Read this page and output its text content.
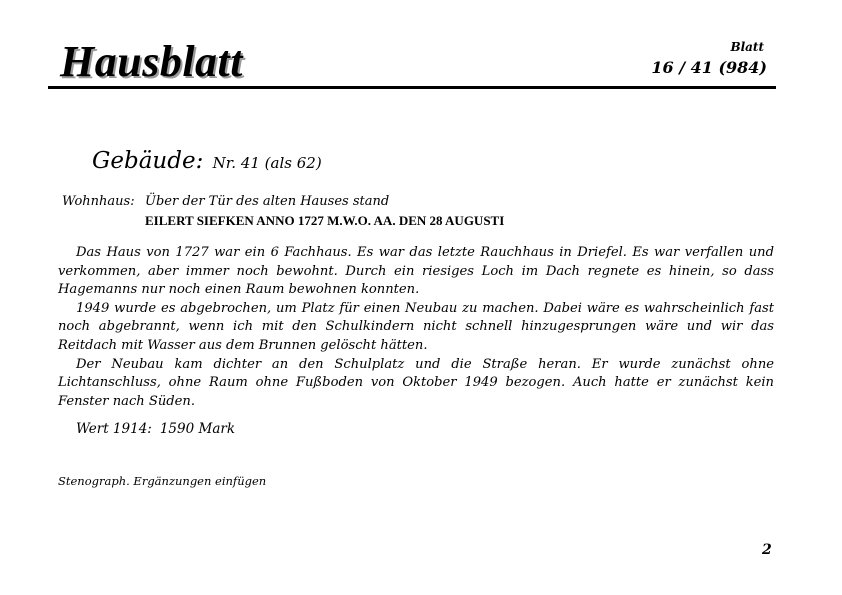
Hausblatt	Blatt
16 / 41 (984)
Gebäude: Nr. 41 (als 62)
Wohnhaus: Über der Tür des alten Hauses stand
EILERT SIEFKEN ANNO 1727 M.W.O. AA. DEN 28 AUGUSTI

Das Haus von 1727 war ein 6 Fachhaus. Es war das letzte Rauchhaus in Driefel. Es war verfallen und verkommen, aber immer noch bewohnt. Durch ein riesiges Loch im Dach regnete es hinein, so dass Hagemanns nur noch einen Raum bewohnen konnten.

1949 wurde es abgebrochen, um Platz für einen Neubau zu machen. Dabei wäre es wahrscheinlich fast noch abgebrannt, wenn ich mit den Schulkindern nicht schnell hinzugesprungen wäre und wir das Reitdach mit Wasser aus dem Brunnen gelöscht hätten.

Der Neubau kam dichter an den Schulplatz und die Straße heran. Er wurde zunächst ohne Lichtanschluss, ohne Raum ohne Fußboden von Oktober 1949 bezogen. Auch hatte er zunächst kein Fenster nach Süden.

Wert 1914: 1590 Mark
Stenograph. Ergänzungen einfügen
2
